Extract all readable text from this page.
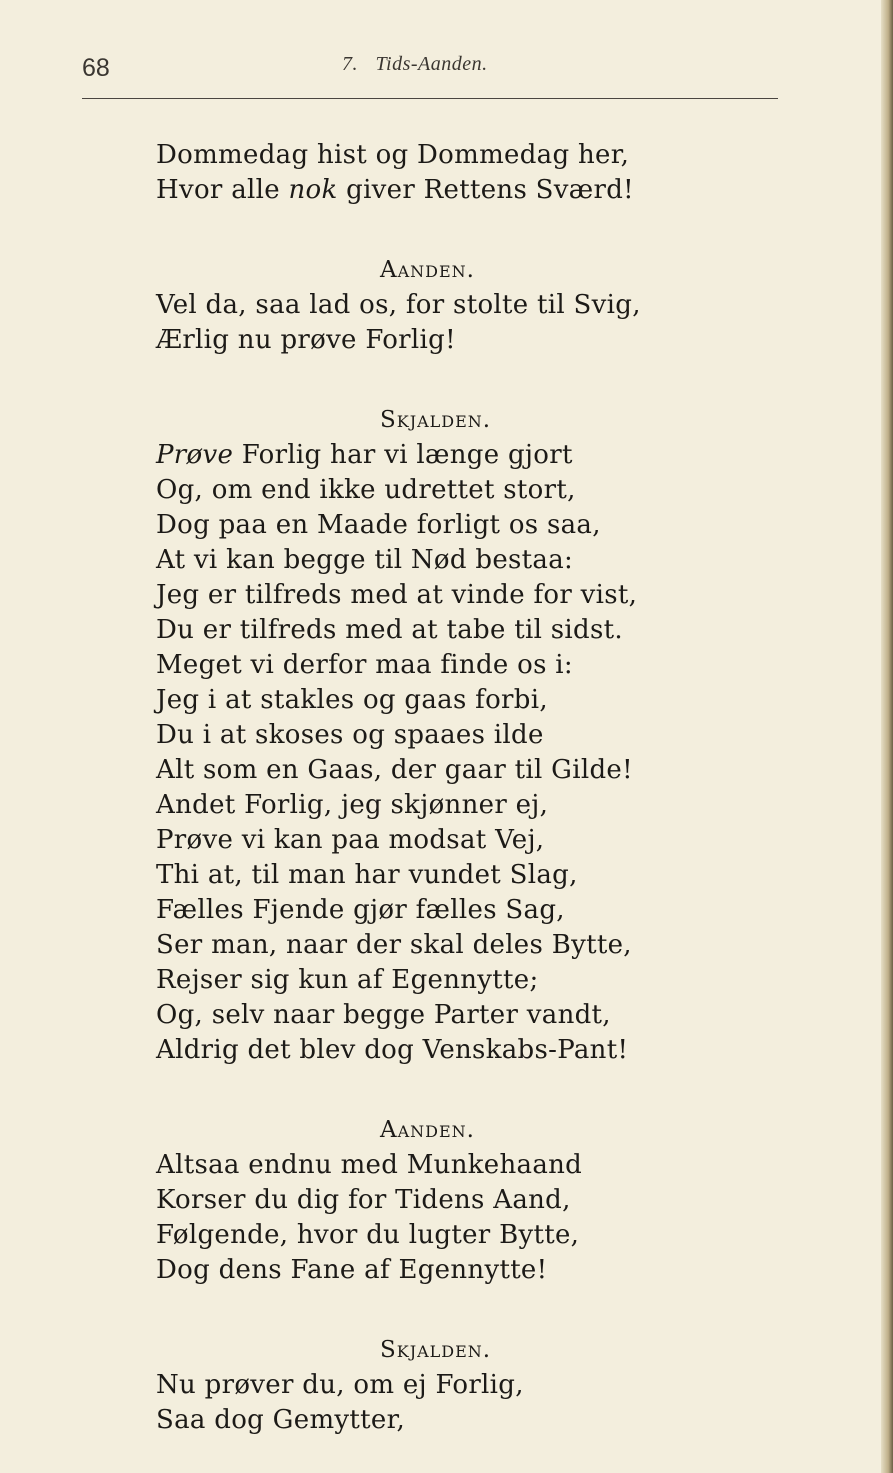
68	7. Tids-Aanden.
Dommedag hist og Dommedag her,
Hvor alle nok giver Rettens Sværd!
Aanden.
Vel da, saa lad os, for stolte til Svig,
Ærlig nu prøve Forlig!
Skjalden.
Prøve Forlig har vi længe gjort
Og, om end ikke udrettet stort,
Dog paa en Maade forligt os saa,
At vi kan begge til Nød bestaa:
Jeg er tilfreds med at vinde for vist,
Du er tilfreds med at tabe til sidst.
Meget vi derfor maa finde os i:
Jeg i at stakles og gaas forbi,
Du i at skoses og spaaes ilde
Alt som en Gaas, der gaar til Gilde!
Andet Forlig, jeg skjønner ej,
Prøve vi kan paa modsat Vej,
Thi at, til man har vundet Slag,
Fælles Fjende gjør fælles Sag,
Ser man, naar der skal deles Bytte,
Rejser sig kun af Egennytte;
Og, selv naar begge Parter vandt,
Aldrig det blev dog Venskabs-Pant!
Aanden.
Altsaa endnu med Munkehaand
Korser du dig for Tidens Aand,
Følgende, hvor du lugter Bytte,
Dog dens Fane af Egennytte!
Skjalden.
Nu prøver du, om ej Forlig,
Saa dog Gemytter,
